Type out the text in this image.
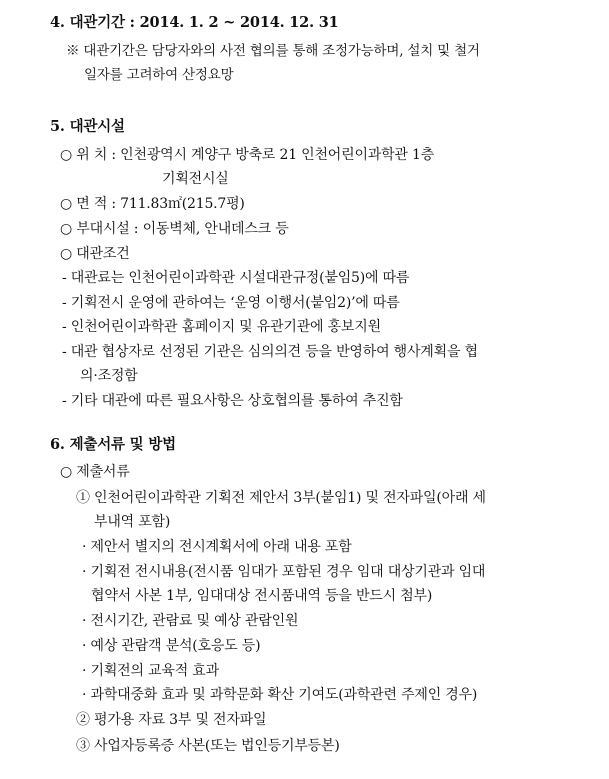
4. 대관기간 : 2014. 1. 2 ~ 2014. 12. 31
※ 대관기간은 담당자와의 사전 협의를 통해 조정가능하며, 설치 및 철거
일자를 고려하여 산정요망
5. 대관시설
○ 위 치 : 인천광역시 계양구 방축로 21 인천어린이과학관 1층
기획전시실
○ 면 적 : 711.83㎡(215.7평)
○ 부대시설 : 이동벽체, 안내데스크 등
○ 대관조건
- 대관료는 인천어린이과학관 시설대관규정(붙임5)에 따름
- 기획전시 운영에 관하여는 ‘운영 이행서(붙임2)’에 따름
- 인천어린이과학관 홈페이지 및 유관기관에 홍보지원
- 대관 협상자로 선정된 기관은 심의의견 등을 반영하여 행사계획을 협
의·조정함
- 기타 대관에 따른 필요사항은 상호협의를 통하여 추진함
6. 제출서류 및 방법
○ 제출서류
① 인천어린이과학관 기획전 제안서 3부(붙임1) 및 전자파일(아래 세
부내역 포함)
· 제안서 별지의 전시계획서에 아래 내용 포함
· 기획전 전시내용(전시품 임대가 포함된 경우 임대 대상기관과 임대
협약서 사본 1부, 임대대상 전시품내역 등을 반드시 첨부)
· 전시기간, 관람료 및 예상 관람인원
· 예상 관람객 분석(호응도 등)
· 기획전의 교육적 효과
· 과학대중화 효과 및 과학문화 확산 기여도(과학관련 주제인 경우)
② 평가용 자료 3부 및 전자파일
③ 사업자등록증 사본(또는 법인등기부등본)
